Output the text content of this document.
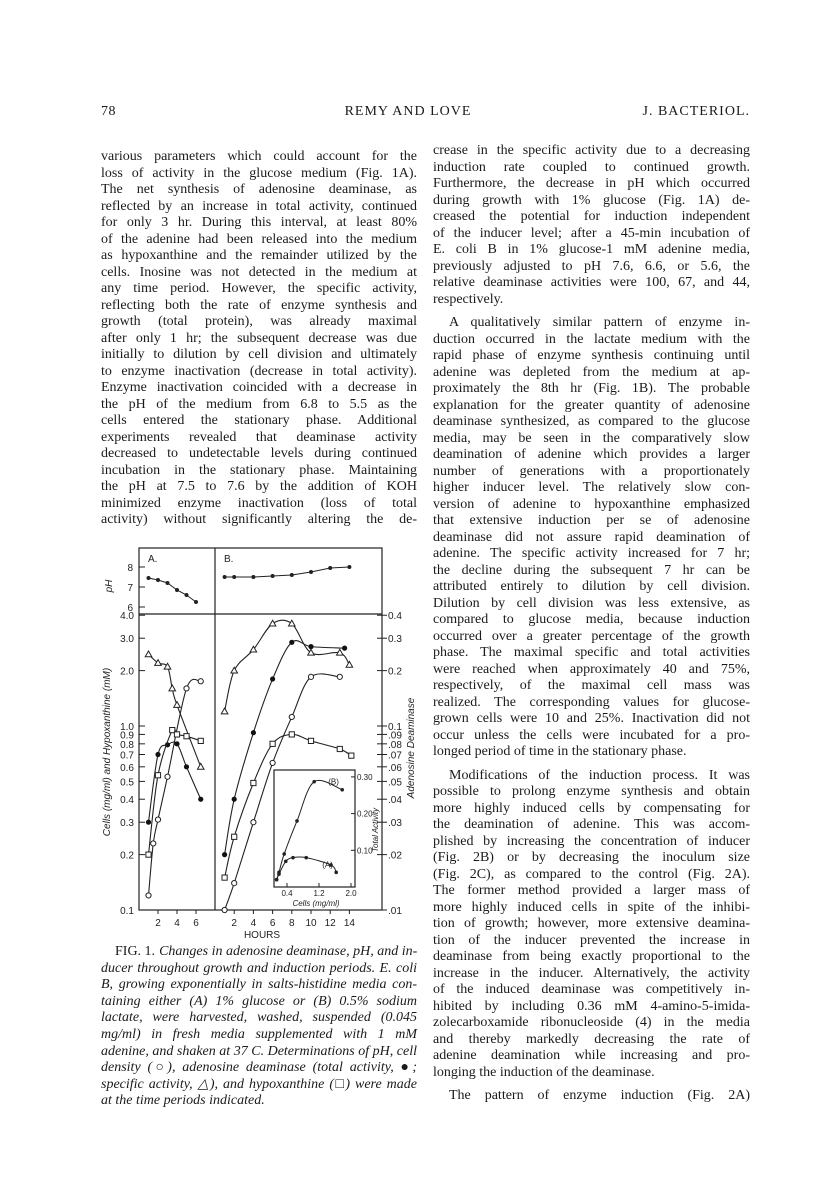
78	REMY AND LOVE	J. BACTERIOL.
various parameters which could account for the
loss of activity in the glucose medium (Fig. 1A).
The net synthesis of adenosine deaminase, as
reflected by an increase in total activity, continued
for only 3 hr. During this interval, at least 80%
of the adenine had been released into the medium
as hypoxanthine and the remainder utilized by the
cells. Inosine was not detected in the medium at
any time period. However, the specific activity,
reflecting both the rate of enzyme synthesis and
growth (total protein), was already maximal
after only 1 hr; the subsequent decrease was due
initially to dilution by cell division and ultimately
to enzyme inactivation (decrease in total activity).
Enzyme inactivation coincided with a decrease in
the pH of the medium from 6.8 to 5.5 as the
cells entered the stationary phase. Additional
experiments revealed that deaminase activity
decreased to undetectable levels during continued
incubation in the stationary phase. Maintaining
the pH at 7.5 to 7.6 by the addition of KOH
minimized enzyme inactivation (loss of total
activity) without significantly altering the de-
crease in the specific activity due to a decreasing
induction rate coupled to continued growth.
Furthermore, the decrease in pH which occurred
during growth with 1% glucose (Fig. 1A) de-
creased the potential for induction independent
of the inducer level; after a 45-min incubation of
E. coli B in 1% glucose-1 mM adenine media,
previously adjusted to pH 7.6, 6.6, or 5.6, the
relative deaminase activities were 100, 67, and 44,
respectively.
A qualitatively similar pattern of enzyme in-
duction occurred in the lactate medium with the
rapid phase of enzyme synthesis continuing until
adenine was depleted from the medium at ap-
proximately the 8th hr (Fig. 1B). The probable
explanation for the greater quantity of adenosine
deaminase synthesized, as compared to the glucose
media, may be seen in the comparatively slow
deamination of adenine which provides a larger
number of generations with a proportionately
higher inducer level. The relatively slow con-
version of adenine to hypoxanthine emphasized
that extensive induction per se of adenosine
deaminase did not assure rapid deamination of
adenine. The specific activity increased for 7 hr;
the decline during the subsequent 7 hr can be
attributed entirely to dilution by cell division.
Dilution by cell division was less extensive, as
compared to glucose media, because induction
occurred over a greater percentage of the growth
phase. The maximal specific and total activities
were reached when approximately 40 and 75%,
respectively, of the maximal cell mass was
realized. The corresponding values for glucose-
grown cells were 10 and 25%. Inactivation did not
occur unless the cells were incubated for a pro-
longed period of time in the stationary phase.
Modifications of the induction process. It was
possible to prolong enzyme synthesis and obtain
more highly induced cells by compensating for
the deamination of adenine. This was accom-
plished by increasing the concentration of inducer
(Fig. 2B) or by decreasing the inoculum size
(Fig. 2C), as compared to the control (Fig. 2A).
The former method provided a larger mass of
more highly induced cells in spite of the inhibi-
tion of growth; however, more extensive deamina-
tion of the inducer prevented the increase in
deaminase from being exactly proportional to the
increase in the inducer. Alternatively, the activity
of the induced deaminase was competitively in-
hibited by including 0.36 mM 4-amino-5-imida-
zolecarboxamide ribonucleoside (4) in the media
and thereby markedly decreasing the rate of
adenine deamination while increasing and pro-
longing the induction of the deaminase.
The pattern of enzyme induction (Fig. 2A)
8
7
6
pH
4.0
3.0
2.0
1.0
0.9
0.8
0.7
0.6
0.5
0.4
0.3
0.2
0.1
0.4
0.3
0.2
0.1
.09
.08
.07
.06
.05
.04
.03
.02
.01
Cells (mg/ml) and Hypoxanthine (mM)	Adenosine Deaminase
A.
2 4 6
B.
2 4 6 8 10 12 14
HOURS
0.4	1.2	2.0
0.30
0.20
0.10
Cells (mg/ml)
Total Activity
(B)
(A)
FIG. 1. Changes in adenosine deaminase, pH, and in-
ducer throughout growth and induction periods. E. coli
B, growing exponentially in salts-histidine media con-
taining either (A) 1% glucose or (B) 0.5% sodium
lactate, were harvested, washed, suspended (0.045
mg/ml) in fresh media supplemented with 1 mM
adenine, and shaken at 37 C. Determinations of pH, cell
density (○), adenosine deaminase (total activity, ●;
specific activity, △), and hypoxanthine (□) were made
at the time periods indicated.
